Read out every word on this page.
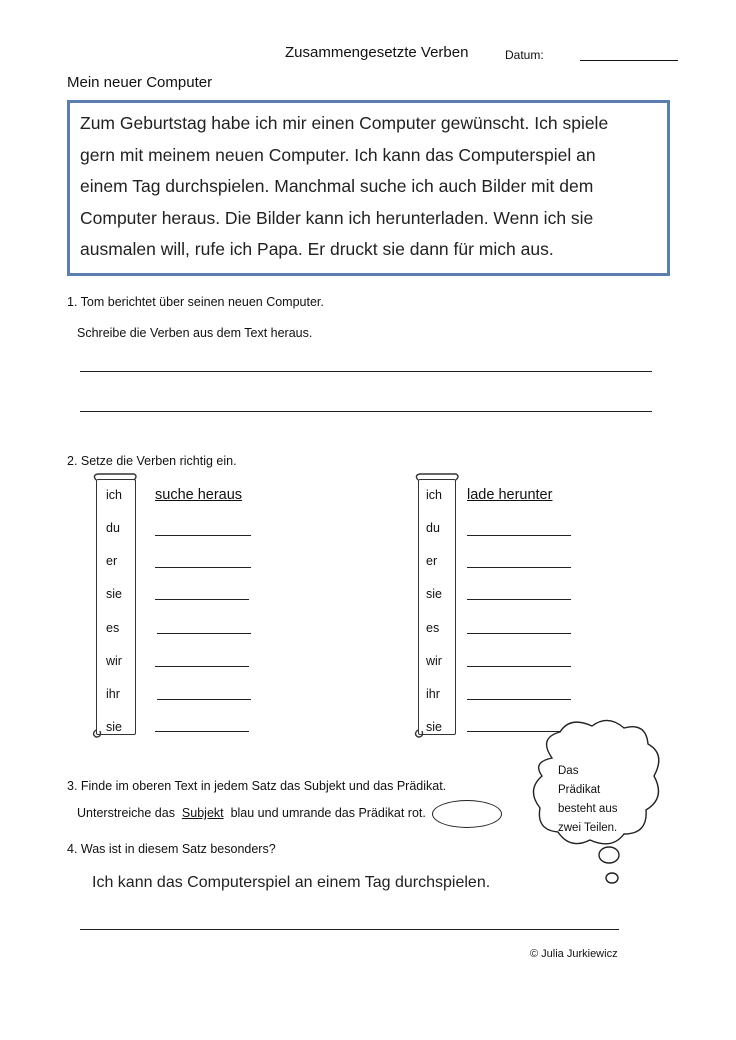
Zusammengesetzte Verben	Datum:
Mein neuer Computer
Zum Geburtstag habe ich mir einen Computer gewünscht. Ich spiele
gern mit meinem neuen Computer. Ich kann das Computerspiel an
einem Tag durchspielen. Manchmal suche ich auch Bilder mit dem
Computer heraus. Die Bilder kann ich herunterladen. Wenn ich sie
ausmalen will, rufe ich Papa. Er druckt sie dann für mich aus.
1. Tom berichtet über seinen neuen Computer.
Schreibe die Verben aus dem Text heraus.
2. Setze die Verben richtig ein.
ich
du
er
sie
es
wir
ihr
sie
suche heraus	ich
du
er
sie
es
wir
ihr
sie
lade herunter
Das
Prädikat
besteht aus
zwei Teilen.
3. Finde im oberen Text in jedem Satz das Subjekt und das Prädikat.
Unterstreiche das Subjekt blau und umrande das Prädikat rot.
4. Was ist in diesem Satz besonders?
Ich kann das Computerspiel an einem Tag durchspielen.
© Julia Jurkiewicz
